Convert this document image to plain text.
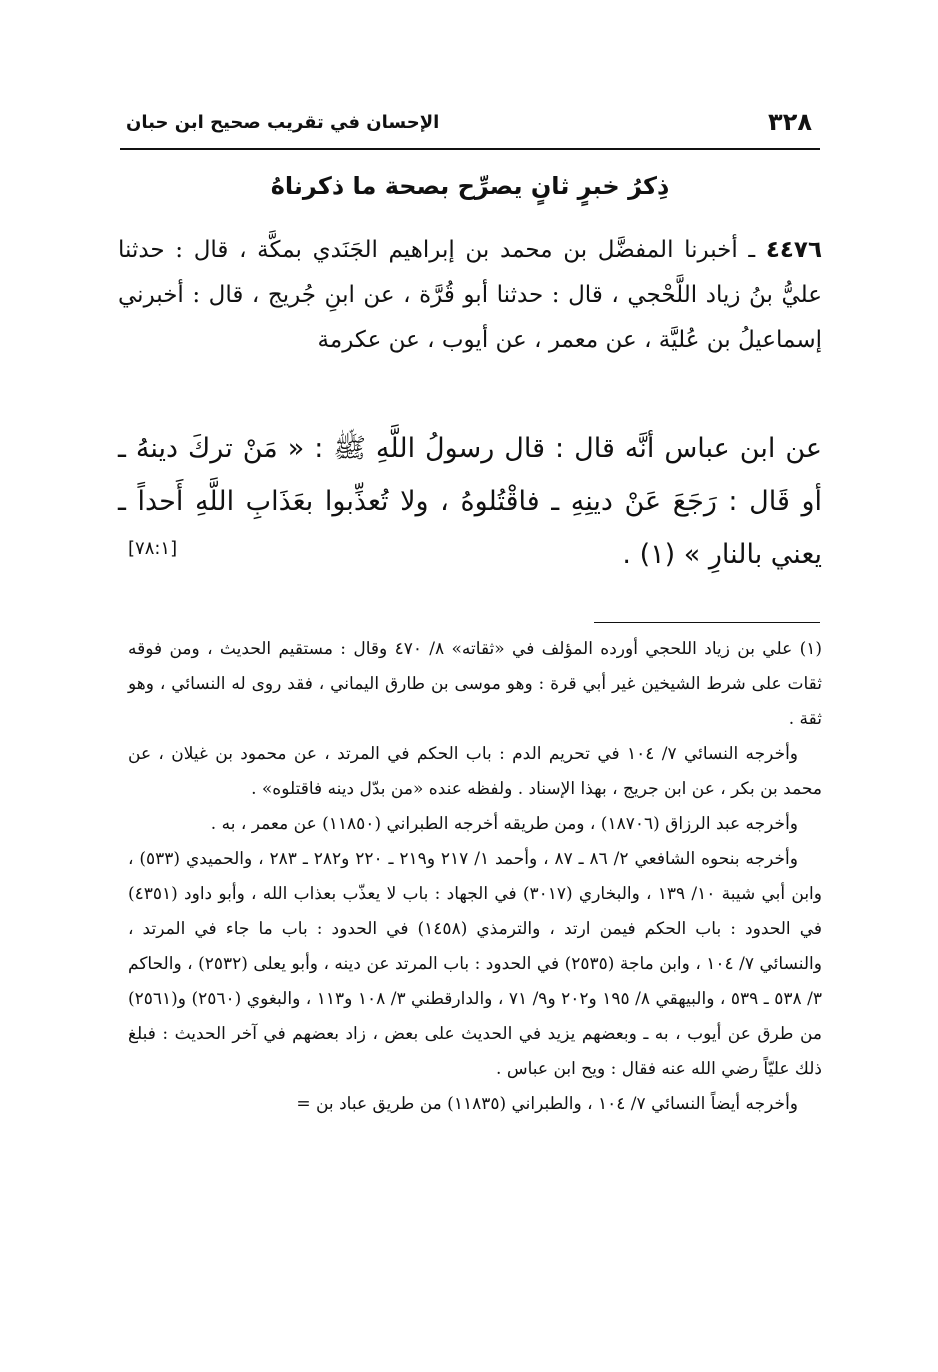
٣٢٨
الإحسان في تقريب صحيح ابن حبان
ذِكرُ خبرٍ ثانٍ يصرِّح بصحة ما ذكرناهُ
٤٤٧٦ ـ أخبرنا المفضَّل بن محمد بن إبراهيم الجَنَدي بمكَّة ، قال : حدثنا عليُّ بنُ زياد اللَّحْجي ، قال : حدثنا أبو قُرَّة ، عن ابنِ جُريج ، قال : أخبرني إسماعيلُ بن عُليَّة ، عن معمر ، عن أيوب ، عن عكرمة
عن ابن عباس أنَّه قال : قال رسولُ اللَّهِ ﷺ : « مَنْ تركَ دينهُ ـ أو قَال : رَجَعَ عَنْ دينِهِ ـ فاقْتُلوهُ ، ولا تُعذِّبوا بعَذَابِ اللَّهِ أَحداً ـ يعني بالنارِ » (١) .
[٧٨:١]

(١) علي بن زياد اللحجي أورده المؤلف في «ثقاته» ٨/ ٤٧٠ وقال : مستقيم الحديث ، ومن فوقه ثقات على شرط الشيخين غير أبي قرة : وهو موسى بن طارق اليماني ، فقد روى له النسائي ، وهو ثقة .

وأخرجه النسائي ٧/ ١٠٤ في تحريم الدم : باب الحكم في المرتد ، عن محمود بن غيلان ، عن محمد بن بكر ، عن ابن جريج ، بهذا الإسناد . ولفظه عنده «من بدّل دينه فاقتلوه» .

وأخرجه عبد الرزاق (١٨٧٠٦) ، ومن طريقه أخرجه الطبراني (١١٨٥٠) عن معمر ، به .

وأخرجه بنحوه الشافعي ٢/ ٨٦ ـ ٨٧ ، وأحمد ١/ ٢١٧ و٢١٩ ـ ٢٢٠ و٢٨٢ ـ ٢٨٣ ، والحميدي (٥٣٣) ، وابن أبي شيبة ١٠/ ١٣٩ ، والبخاري (٣٠١٧) في الجهاد : باب لا يعذّب بعذاب الله ، وأبو داود (٤٣٥١) في الحدود : باب الحكم فيمن ارتد ، والترمذي (١٤٥٨) في الحدود : باب ما جاء في المرتد ، والنسائي ٧/ ١٠٤ ، وابن ماجة (٢٥٣٥) في الحدود : باب المرتد عن دينه ، وأبو يعلى (٢٥٣٢) ، والحاكم ٣/ ٥٣٨ ـ ٥٣٩ ، والبيهقي ٨/ ١٩٥ و٢٠٢ و٩/ ٧١ ، والدارقطني ٣/ ١٠٨ و١١٣ ، والبغوي (٢٥٦٠) و(٢٥٦١) من طرق عن أيوب ، به ـ وبعضهم يزيد في الحديث على بعض ، زاد بعضهم في آخر الحديث : فبلغ ذلك عليّاً رضي الله عنه فقال : ويح ابن عباس .

وأخرجه أيضاً النسائي ٧/ ١٠٤ ، والطبراني (١١٨٣٥) من طريق عباد بن =
